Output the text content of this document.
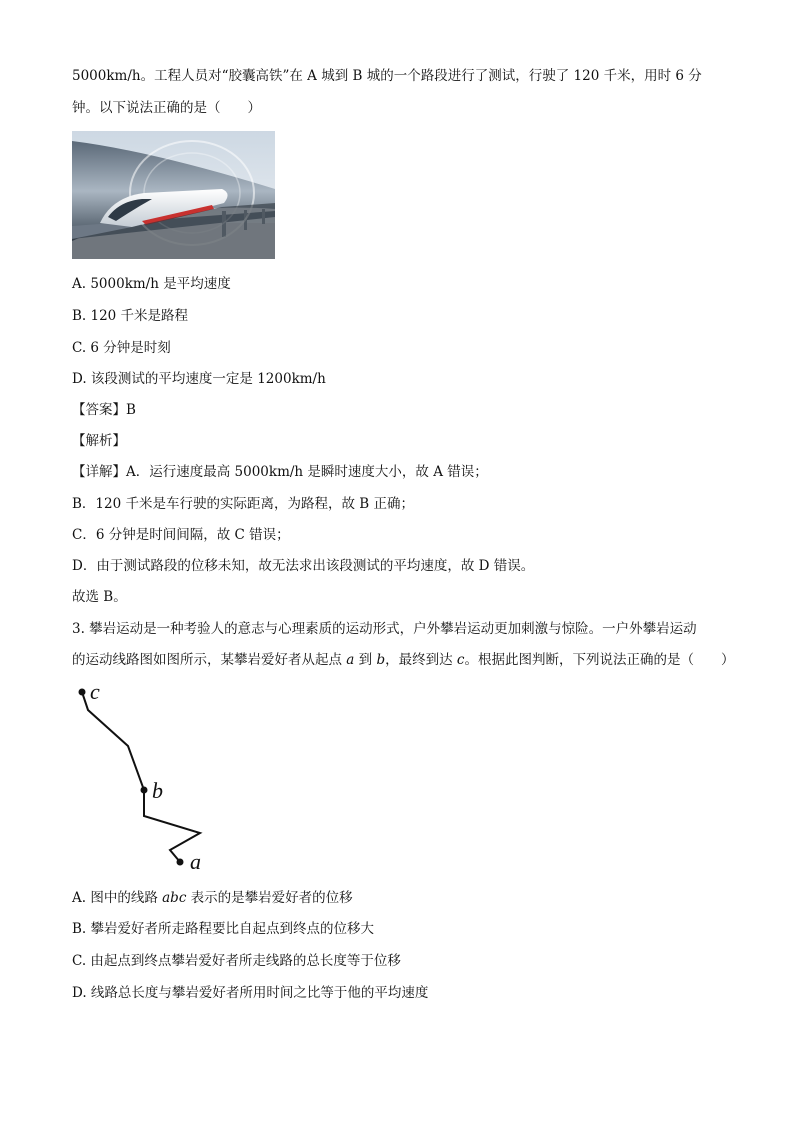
5000km/h。工程人员对“胶囊高铁”在 A 城到 B 城的一个路段进行了测试，行驶了 120 千米，用时 6 分
钟。以下说法正确的是（　　）
A. 5000km/h 是平均速度
B. 120 千米是路程
C. 6 分钟是时刻
D. 该段测试的平均速度一定是 1200km/h
【答案】B
【解析】
【详解】A．运行速度最高 5000km/h 是瞬时速度大小，故 A 错误；
B．120 千米是车行驶的实际距离，为路程，故 B 正确；
C．6 分钟是时间间隔，故 C 错误；
D．由于测试路段的位移未知，故无法求出该段测试的平均速度，故 D 错误。
故选 B。
3. 攀岩运动是一种考验人的意志与心理素质的运动形式，户外攀岩运动更加刺激与惊险。一户外攀岩运动
的运动线路图如图所示，某攀岩爱好者从起点 a 到 b，最终到达 c。根据此图判断，下列说法正确的是（　　）
c
b
a
A. 图中的线路 abc 表示的是攀岩爱好者的位移
B. 攀岩爱好者所走路程要比自起点到终点的位移大
C. 由起点到终点攀岩爱好者所走线路的总长度等于位移
D. 线路总长度与攀岩爱好者所用时间之比等于他的平均速度
